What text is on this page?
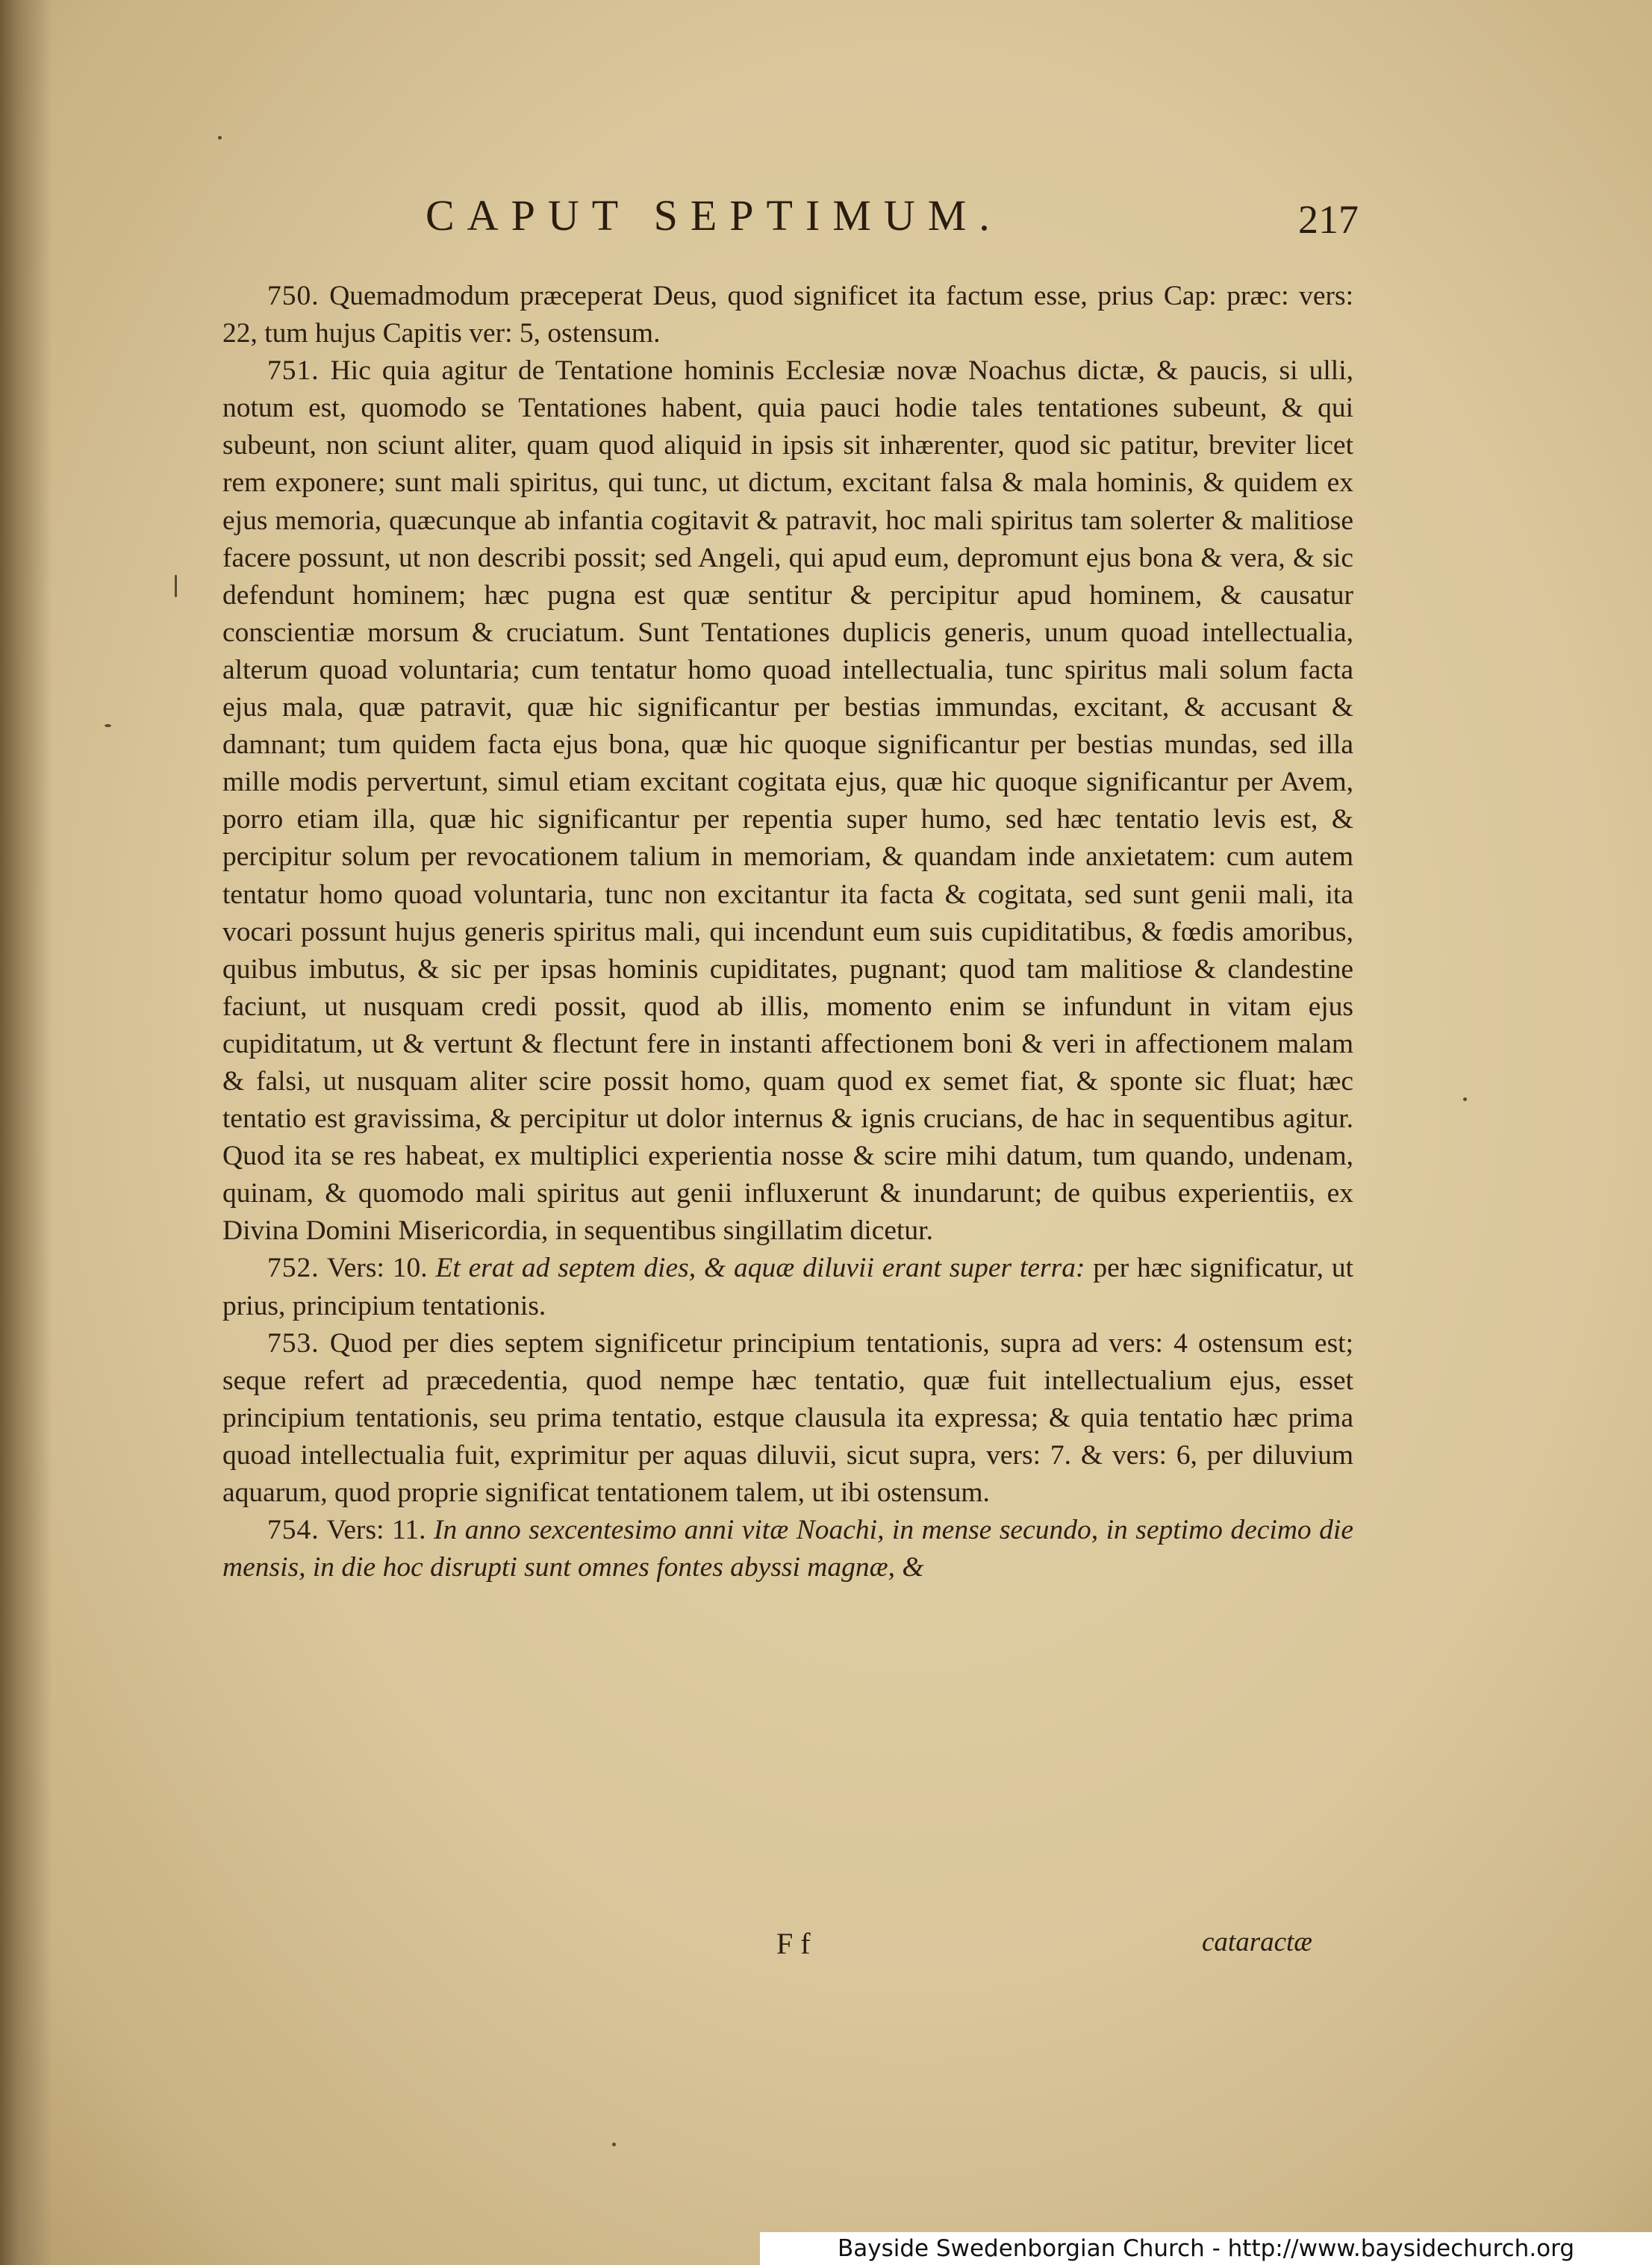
CAPUT SEPTIMUM.	217

750. Quemadmodum præceperat Deus, quod significet ita factum esse, prius Cap: præc: vers: 22, tum hujus Capitis ver: 5, ostensum.

751. Hic quia agitur de Tentatione hominis Ecclesiæ novæ Noachus dictæ, & paucis, si ulli, notum est, quomodo se Tentationes habent, quia pauci hodie tales tentationes subeunt, & qui subeunt, non sciunt aliter, quam quod aliquid in ipsis sit inhærenter, quod sic patitur, breviter licet rem exponere; sunt mali spiritus, qui tunc, ut dictum, excitant falsa & mala hominis, & quidem ex ejus memoria, quæcunque ab infantia cogitavit & patravit, hoc mali spiritus tam solerter & malitiose facere possunt, ut non describi possit; sed Angeli, qui apud eum, depromunt ejus bona & vera, & sic defendunt hominem; hæc pugna est quæ sentitur & percipitur apud hominem, & causatur conscientiæ morsum & cruciatum. Sunt Tentationes duplicis generis, unum quoad intellectualia, alterum quoad voluntaria; cum tentatur homo quoad intellectualia, tunc spiritus mali solum facta ejus mala, quæ patravit, quæ hic significantur per bestias immundas, excitant, & accusant & damnant; tum quidem facta ejus bona, quæ hic quoque significantur per bestias mundas, sed illa mille modis pervertunt, simul etiam excitant cogitata ejus, quæ hic quoque significantur per Avem, porro etiam illa, quæ hic significantur per repentia super humo, sed hæc tentatio levis est, & percipitur solum per revocationem talium in memoriam, & quandam inde anxietatem: cum autem tentatur homo quoad voluntaria, tunc non excitantur ita facta & cogitata, sed sunt genii mali, ita vocari possunt hujus generis spiritus mali, qui incendunt eum suis cupiditatibus, & fœdis amoribus, quibus imbutus, & sic per ipsas hominis cupiditates, pugnant; quod tam malitiose & clandestine faciunt, ut nusquam credi possit, quod ab illis, momento enim se infundunt in vitam ejus cupiditatum, ut & vertunt & flectunt fere in instanti affectionem boni & veri in affectionem malam & falsi, ut nusquam aliter scire possit homo, quam quod ex semet fiat, & sponte sic fluat; hæc tentatio est gravissima, & percipitur ut dolor internus & ignis crucians, de hac in sequentibus agitur. Quod ita se res habeat, ex multiplici experientia nosse & scire mihi datum, tum quando, undenam, quinam, & quomodo mali spiritus aut genii influxerunt & inundarunt; de quibus experientiis, ex Divina Domini Misericordia, in sequentibus singillatim dicetur.

752. Vers: 10. Et erat ad septem dies, & aquæ diluvii erant super terra: per hæc significatur, ut prius, principium tentationis.

753. Quod per dies septem significetur principium tentationis, supra ad vers: 4 ostensum est; seque refert ad præcedentia, quod nempe hæc tentatio, quæ fuit intellectualium ejus, esset principium tentationis, seu prima tentatio, estque clausula ita expressa; & quia tentatio hæc prima quoad intellectualia fuit, exprimitur per aquas diluvii, sicut supra, vers: 7. & vers: 6, per diluvium aquarum, quod proprie significat tentationem talem, ut ibi ostensum.

754. Vers: 11. In anno sexcentesimo anni vitæ Noachi, in mense secundo, in septimo decimo die mensis, in die hoc disrupti sunt omnes fontes abyssi magnæ, &

F f	cataractæ
Bayside Swedenborgian Church - http://www.baysidechurch.org
